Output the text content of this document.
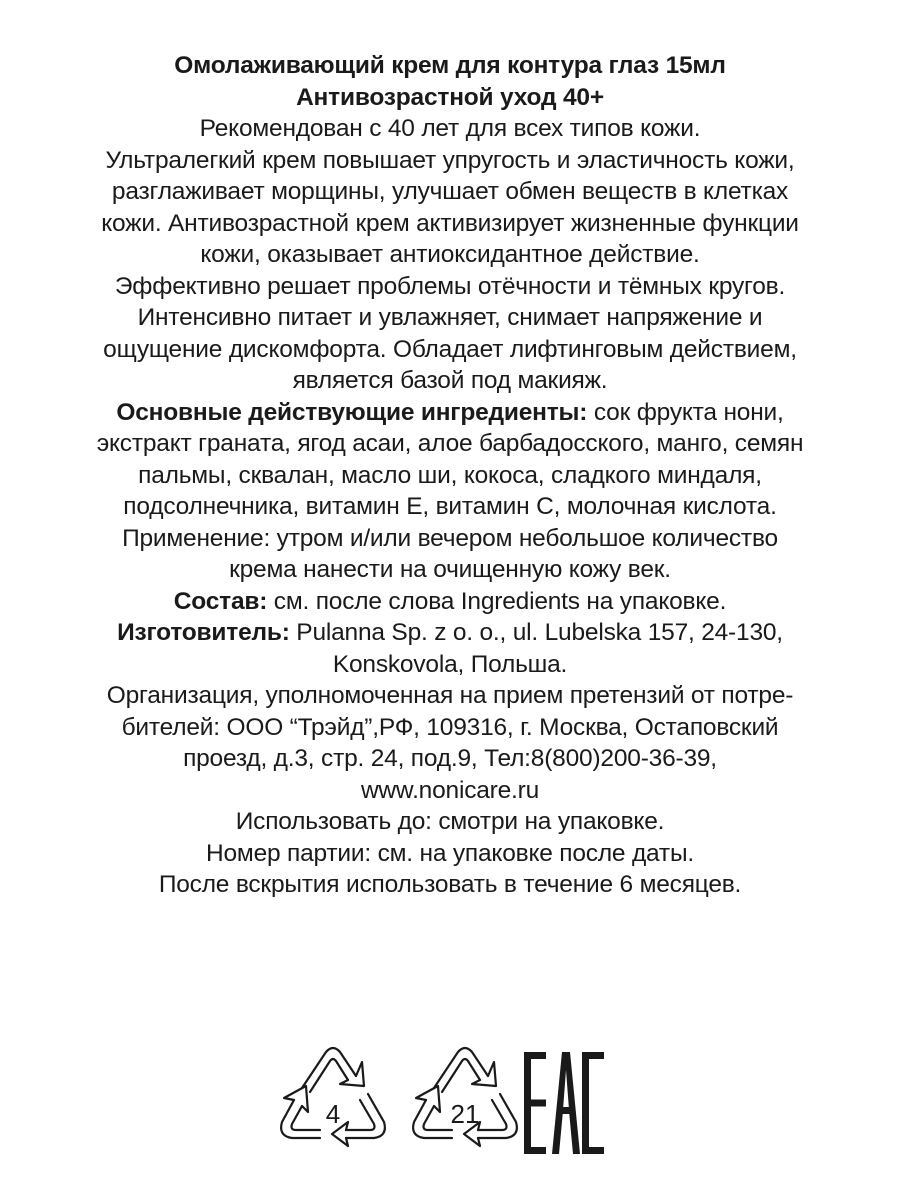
Омолаживающий крем для контура глаз 15мл

Антивозрастной уход 40+

Рекомендован с 40 лет для всех типов кожи.

Ультралегкий крем повышает упругость и эластичность кожи,

разглаживает морщины, улучшает обмен веществ в клетках

кожи. Антивозрастной крем активизирует жизненные функции

кожи, оказывает антиоксидантное действие.

Эффективно решает проблемы отёчности и тёмных кругов.

Интенсивно питает и увлажняет, снимает напряжение и

ощущение дискомфорта. Обладает лифтинговым действием,

является базой под макияж.

Основные действующие ингредиенты: сок фрукта нони,

экстракт граната, ягод асаи, алое барбадосского, манго, семян

пальмы, сквалан, масло ши, кокоса, сладкого миндаля,

подсолнечника, витамин Е, витамин С, молочная кислота.

Применение: утром и/или вечером небольшое количество

крема нанести на очищенную кожу век.

Состав: см. после слова Ingredients на упаковке.

Изготовитель: Pulanna Sp. z o. o., ul. Lubelska 157, 24-130,

Konskovola, Польша.

Организация, уполномоченная на прием претензий от потре-

бителей: ООО “Трэйд”,РФ, 109316, г. Москва, Остаповский

проезд, д.3, стр. 24, под.9, Тел:8(800)200-36-39,

www.nonicare.ru

Использовать до: смотри на упаковке.

Номер партии: см. на упаковке после даты.

После вскрытия использовать в течение 6 месяцев.

4	21
